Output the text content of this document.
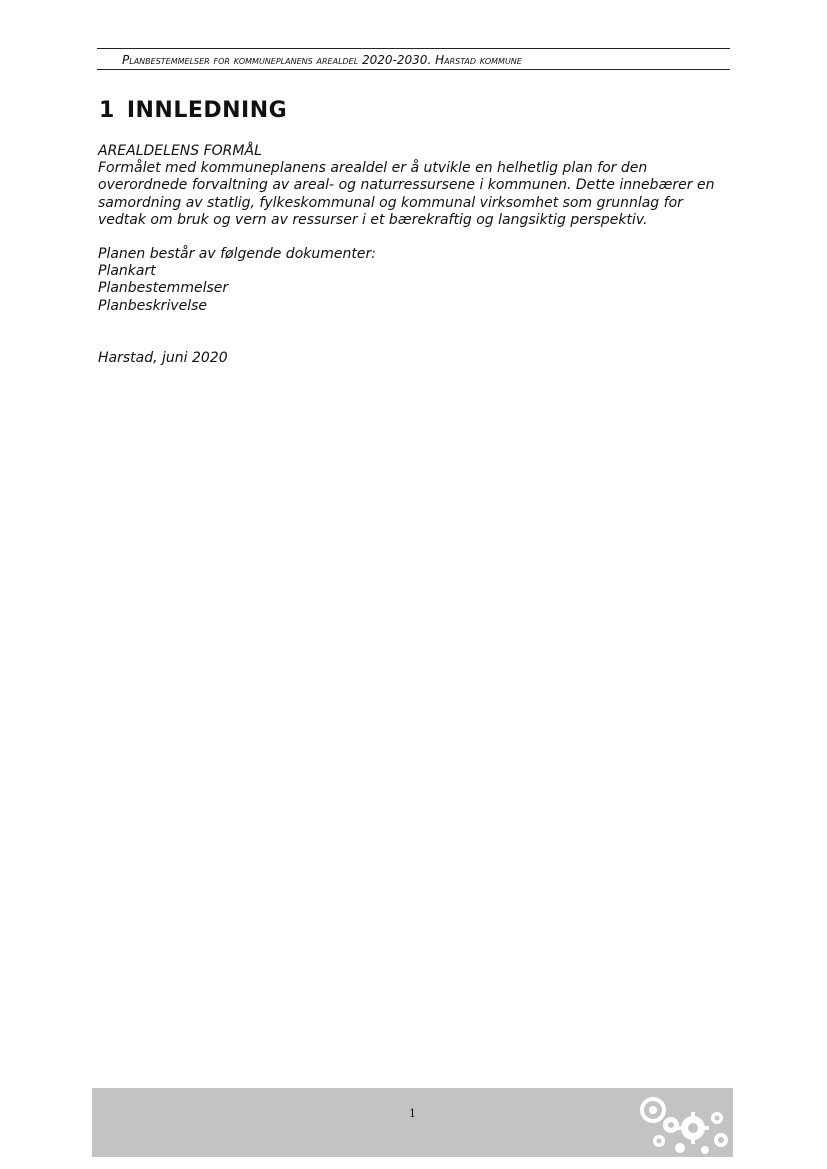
Planbestemmelser for kommuneplanens arealdel 2020-2030. Harstad kommune
1 INNLEDNING

AREALDELENS FORMÅL

Formålet med kommuneplanens arealdel er å utvikle en helhetlig plan for den

overordnede forvaltning av areal- og naturressursene i kommunen. Dette innebærer en

samordning av statlig, fylkeskommunal og kommunal virksomhet som grunnlag for

vedtak om bruk og vern av ressurser i et bærekraftig og langsiktig perspektiv.

Planen består av følgende dokumenter:

Plankart

Planbestemmelser

Planbeskrivelse

Harstad, juni 2020

1
